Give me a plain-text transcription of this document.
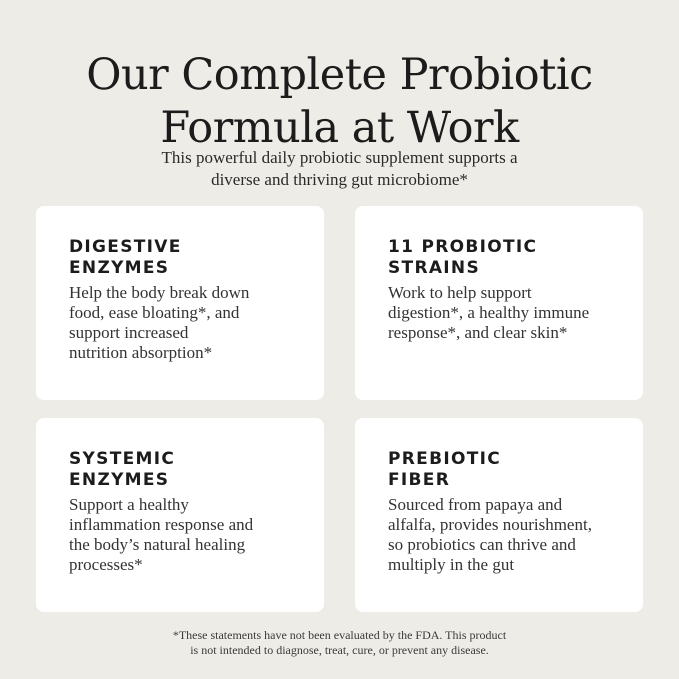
Our Complete Probiotic
Formula at Work

This powerful daily probiotic supplement supports a
diverse and thriving gut microbiome*

DIGESTIVE
ENZYMES
Help the body break down
food, ease bloating*, and
support increased
nutrition absorption*
11 PROBIOTIC
STRAINS
Work to help support
digestion*, a healthy immune
response*, and clear skin*
SYSTEMIC
ENZYMES
Support a healthy
inflammation response and
the body’s natural healing
processes*
PREBIOTIC
FIBER
Sourced from papaya and
alfalfa, provides nourishment,
so probiotics can thrive and
multiply in the gut

*These statements have not been evaluated by the FDA. This product
is not intended to diagnose, treat, cure, or prevent any disease.
